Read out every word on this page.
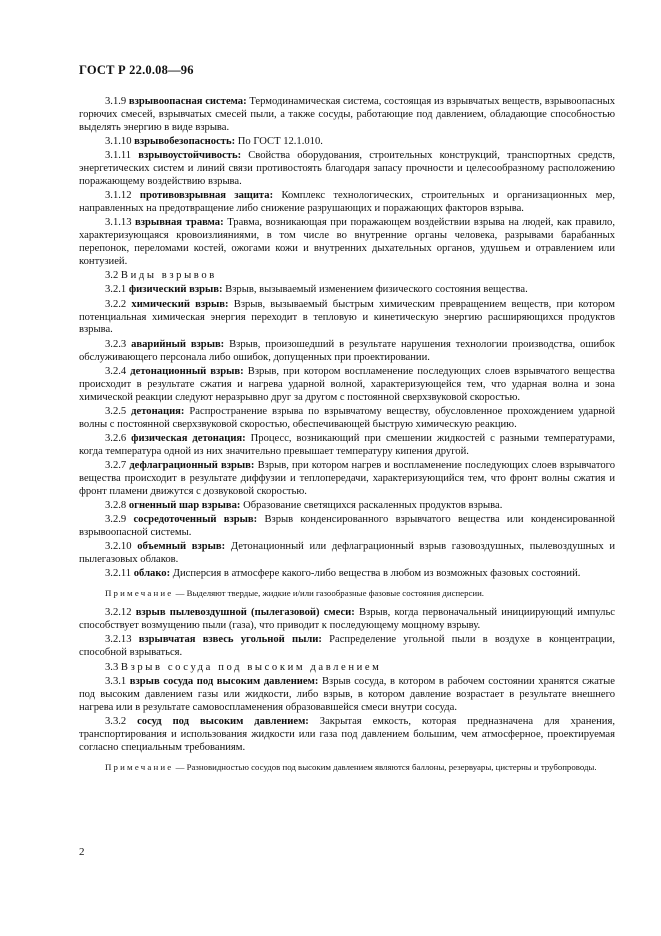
ГОСТ Р 22.0.08—96

3.1.9 взрывоопасная система: Термодинамическая система, состоящая из взрывчатых веществ, взрывоопасных горючих смесей, взрывчатых смесей пыли, а также сосуды, работающие под давлением, обладающие способностью выделять энергию в виде взрыва.

3.1.10 взрывобезопасность: По ГОСТ 12.1.010.

3.1.11 взрывоустойчивость: Свойства оборудования, строительных конструкций, транспортных средств, энергетических систем и линий связи противостоять благодаря запасу прочности и целесообразному расположению поражающему воздействию взрыва.

3.1.12 противовзрывная защита: Комплекс технологических, строительных и организационных мер, направленных на предотвращение либо снижение разрушающих и поражающих факторов взрыва.

3.1.13 взрывная травма: Травма, возникающая при поражающем воздействии взрыва на людей, как правило, характеризующаяся кровоизлияниями, в том числе во внутренние органы человека, разрывами барабанных перепонок, переломами костей, ожогами кожи и внутренних дыхательных органов, удушьем и отравлением или контузией.

3.2 Виды взрывов

3.2.1 физический взрыв: Взрыв, вызываемый изменением физического состояния вещества.

3.2.2 химический взрыв: Взрыв, вызываемый быстрым химическим превращением веществ, при котором потенциальная химическая энергия переходит в тепловую и кинетическую энергию расширяющихся продуктов взрыва.

3.2.3 аварийный взрыв: Взрыв, произошедший в результате нарушения технологии производства, ошибок обслуживающего персонала либо ошибок, допущенных при проектировании.

3.2.4 детонационный взрыв: Взрыв, при котором воспламенение последующих слоев взрывчатого вещества происходит в результате сжатия и нагрева ударной волной, характеризующейся тем, что ударная волна и зона химической реакции следуют неразрывно друг за другом с постоянной сверхзвуковой скоростью.

3.2.5 детонация: Распространение взрыва по взрывчатому веществу, обусловленное прохождением ударной волны с постоянной сверхзвуковой скоростью, обеспечивающей быструю химическую реакцию.

3.2.6 физическая детонация: Процесс, возникающий при смешении жидкостей с разными температурами, когда температура одной из них значительно превышает температуру кипения другой.

3.2.7 дефлаграционный взрыв: Взрыв, при котором нагрев и воспламенение последующих слоев взрывчатого вещества происходит в результате диффузии и теплопередачи, характеризующийся тем, что фронт волны сжатия и фронт пламени движутся с дозвуковой скоростью.

3.2.8 огненный шар взрыва: Образование светящихся раскаленных продуктов взрыва.

3.2.9 сосредоточенный взрыв: Взрыв конденсированного взрывчатого вещества или конденсированной взрывоопасной системы.

3.2.10 объемный взрыв: Детонационный или дефлаграционный взрыв газовоздушных, пылевоздушных и пылегазовых облаков.

3.2.11 облако: Дисперсия в атмосфере какого-либо вещества в любом из возможных фазовых состояний.

Примечание — Выделяют твердые, жидкие и/или газообразные фазовые состояния дисперсии.

3.2.12 взрыв пылевоздушной (пылегазовой) смеси: Взрыв, когда первоначальный инициирующий импульс способствует возмущению пыли (газа), что приводит к последующему мощному взрыву.

3.2.13 взрывчатая взвесь угольной пыли: Распределение угольной пыли в воздухе в концентрации, способной взрываться.

3.3 Взрыв сосуда под высоким давлением

3.3.1 взрыв сосуда под высоким давлением: Взрыв сосуда, в котором в рабочем состоянии хранятся сжатые под высоким давлением газы или жидкости, либо взрыв, в котором давление возрастает в результате внешнего нагрева или в результате самовоспламенения образовавшейся смеси внутри сосуда.

3.3.2 сосуд под высоким давлением: Закрытая емкость, которая предназначена для хранения, транспортирования и использования жидкости или газа под давлением большим, чем атмосферное, проектируемая согласно специальным требованиям.

Примечание — Разновидностью сосудов под высоким давлением являются баллоны, резервуары, цистерны и трубопроводы.

2
